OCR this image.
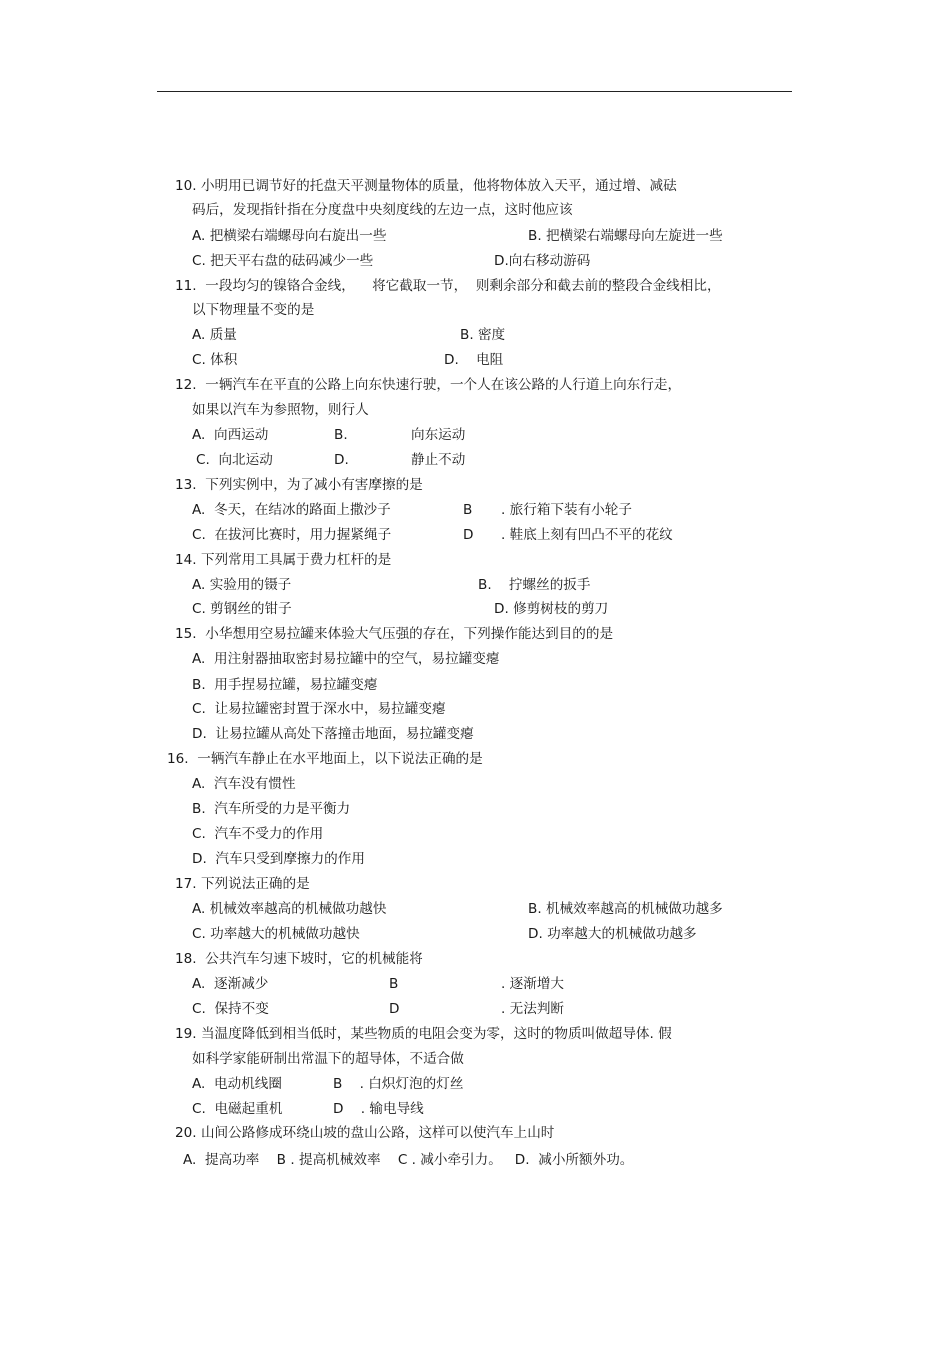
10. 小明用已调节好的托盘天平测量物体的质量，他将物体放入天平，通过增、减砝
码后，发现指针指在分度盘中央刻度线的左边一点，这时他应该
A. 把横梁右端螺母向右旋出一些	B. 把横梁右端螺母向左旋进一些
C. 把天平右盘的砝码减少一些	D.向右移动游码
11.  一段均匀的镍铬合金线，    将它截取一节，  则剩余部分和截去前的整段合金线相比，
以下物理量不变的是
A. 质量	B. 密度
C. 体积	D.    电阻
12.  一辆汽车在平直的公路上向东快速行驶，一个人在该公路的人行道上向东行走，
如果以汽车为参照物，则行人
A.  向西运动	B.	向东运动
C.  向北运动	D.	静止不动
13.  下列实例中，为了减小有害摩擦的是
A.  冬天，在结冰的路面上撒沙子	B . 旅行箱下装有小轮子
C.  在拔河比赛时，用力握紧绳子	D . 鞋底上刻有凹凸不平的花纹
14. 下列常用工具属于费力杠杆的是
A. 实验用的镊子	B.    拧螺丝的扳手
C. 剪钢丝的钳子	D. 修剪树枝的剪刀
15.  小华想用空易拉罐来体验大气压强的存在，下列操作能达到目的的是
A.  用注射器抽取密封易拉罐中的空气，易拉罐变瘪
B.  用手捏易拉罐，易拉罐变瘪
C.  让易拉罐密封置于深水中，易拉罐变瘪
D.  让易拉罐从高处下落撞击地面，易拉罐变瘪
16.  一辆汽车静止在水平地面上，以下说法正确的是
A.  汽车没有惯性
B.  汽车所受的力是平衡力
C.  汽车不受力的作用
D.  汽车只受到摩擦力的作用
17. 下列说法正确的是
A. 机械效率越高的机械做功越快	B. 机械效率越高的机械做功越多
C. 功率越大的机械做功越快	D. 功率越大的机械做功越多
18.  公共汽车匀速下坡时，它的机械能将
A.  逐渐减少	B	. 逐渐增大
C.  保持不变	D	. 无法判断
19. 当温度降低到相当低时，某些物质的电阻会变为零，这时的物质叫做超导体. 假
如科学家能研制出常温下的超导体，不适合做
A.  电动机线圈	B    . 白炽灯泡的灯丝
C.  电磁起重机	D    . 输电导线
20. 山间公路修成环绕山坡的盘山公路，这样可以使汽车上山时
A.  提高功率    B . 提高机械效率    C . 减小牵引力。   D.  减小所额外功。
